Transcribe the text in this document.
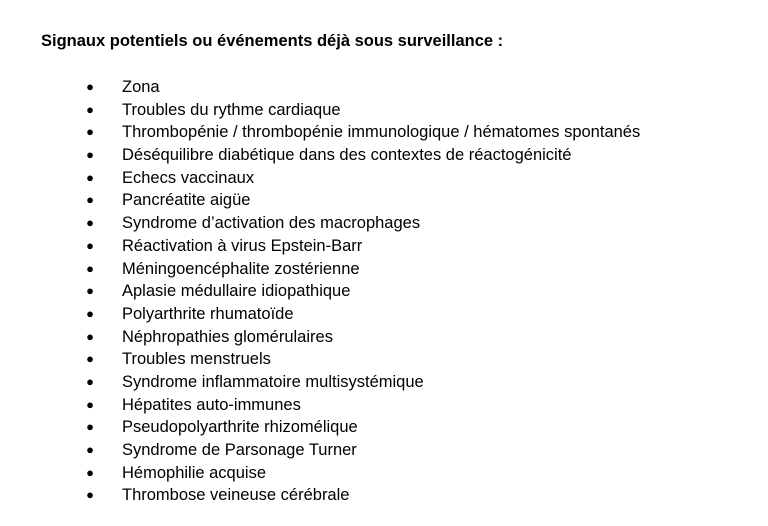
Signaux potentiels ou événements déjà sous surveillance :
● Zona
● Troubles du rythme cardiaque
● Thrombopénie / thrombopénie immunologique / hématomes spontanés
● Déséquilibre diabétique dans des contextes de réactogénicité
● Echecs vaccinaux
● Pancréatite aigüe
● Syndrome d’activation des macrophages
● Réactivation à virus Epstein-Barr
● Méningoencéphalite zostérienne
● Aplasie médullaire idiopathique
● Polyarthrite rhumatoïde
● Néphropathies glomérulaires
● Troubles menstruels
● Syndrome inflammatoire multisystémique
● Hépatites auto-immunes
● Pseudopolyarthrite rhizomélique
● Syndrome de Parsonage Turner
● Hémophilie acquise
● Thrombose veineuse cérébrale
